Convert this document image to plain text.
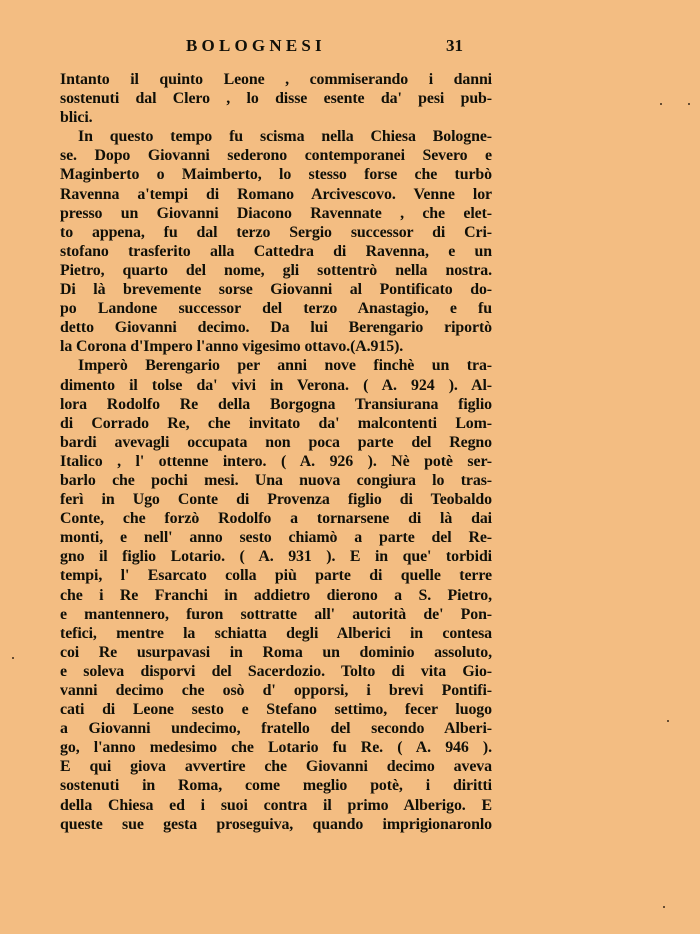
BOLOGNESI	31
Intanto il quinto Leone , commiserando i danni
sostenuti dal Clero , lo disse esente da' pesi pub-
blici.
In questo tempo fu scisma nella Chiesa Bologne-
se. Dopo Giovanni sederono contemporanei Severo e
Maginberto o Maimberto, lo stesso forse che turbò
Ravenna a'tempi di Romano Arcivescovo. Venne lor
presso un Giovanni Diacono Ravennate , che elet-
to appena, fu dal terzo Sergio successor di Cri-
stofano trasferito alla Cattedra di Ravenna, e un
Pietro, quarto del nome, gli sottentrò nella nostra.
Di là brevemente sorse Giovanni al Pontificato do-
po Landone successor del terzo Anastagio, e fu
detto Giovanni decimo. Da lui Berengario riportò
la Corona d'Impero l'anno vigesimo ottavo.(A.915).
Imperò Berengario per anni nove finchè un tra-
dimento il tolse da' vivi in Verona. ( A. 924 ). Al-
lora Rodolfo Re della Borgogna Transiurana figlio
di Corrado Re, che invitato da' malcontenti Lom-
bardi avevagli occupata non poca parte del Regno
Italico , l' ottenne intero. ( A. 926 ). Nè potè ser-
barlo che pochi mesi. Una nuova congiura lo tras-
ferì in Ugo Conte di Provenza figlio di Teobaldo
Conte, che forzò Rodolfo a tornarsene di là dai
monti, e nell' anno sesto chiamò a parte del Re-
gno il figlio Lotario. ( A. 931 ). E in que' torbidi
tempi, l' Esarcato colla più parte di quelle terre
che i Re Franchi in addietro dierono a S. Pietro,
e mantennero, furon sottratte all' autorità de' Pon-
tefici, mentre la schiatta degli Alberici in contesa
coi Re usurpavasi in Roma un dominio assoluto,
e soleva disporvi del Sacerdozio. Tolto di vita Gio-
vanni decimo che osò d' opporsi, i brevi Pontifi-
cati di Leone sesto e Stefano settimo, fecer luogo
a Giovanni undecimo, fratello del secondo Alberi-
go, l'anno medesimo che Lotario fu Re. ( A. 946 ).
E qui giova avvertire che Giovanni decimo aveva
sostenuti in Roma, come meglio potè, i diritti
della Chiesa ed i suoi contra il primo Alberigo. E
queste sue gesta proseguiva, quando imprigionaronlo
